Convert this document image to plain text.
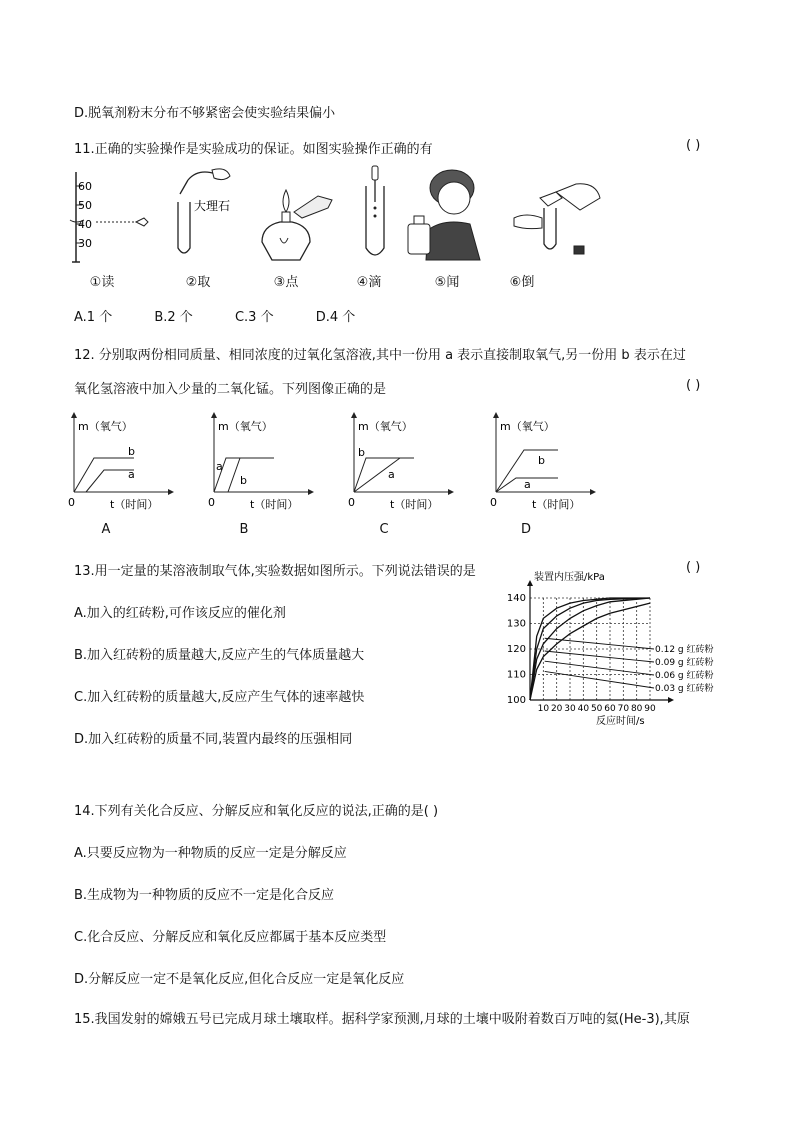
D.脱氧剂粉末分布不够紧密会使实验结果偏小
11.正确的实验操作是实验成功的保证。如图实验操作正确的有	( )
60
50
40
30
①读
大理石
②取	③点	④滴	⑤闻	⑥倒
A.1 个	B.2 个	C.3 个	D.4 个
12. 分别取两份相同质量、相同浓度的过氧化氢溶液,其中一份用 a 表示直接制取氧气,另一份用 b 表示在过
氧化氢溶液中加入少量的二氧化锰。下列图像正确的是	( )
m（氧气）
t（时间）
0
b
a
A
m（氧气）
t（时间）
0
a
b
B
m（氧气）
t（时间）
0
b
a
C
m（氧气）
t（时间）
0
b
a
D
13.用一定量的某溶液制取气体,实验数据如图所示。下列说法错误的是	( )
A.加入的红砖粉,可作该反应的催化剂
B.加入红砖粉的质量越大,反应产生的气体质量越大
C.加入红砖粉的质量越大,反应产生气体的速率越快
D.加入红砖粉的质量不同,装置内最终的压强相同
装置内压强/kPa
反应时间/s
140
130
120
110
100
10 20 30 40 50 60 70 80 90
0.12 g 红砖粉
0.09 g 红砖粉
0.06 g 红砖粉
0.03 g 红砖粉
14.下列有关化合反应、分解反应和氧化反应的说法,正确的是( )
A.只要反应物为一种物质的反应一定是分解反应
B.生成物为一种物质的反应不一定是化合反应
C.化合反应、分解反应和氧化反应都属于基本反应类型
D.分解反应一定不是氧化反应,但化合反应一定是氧化反应
15.我国发射的嫦娥五号已完成月球土壤取样。据科学家预测,月球的土壤中吸附着数百万吨的氦(He-3),其原
